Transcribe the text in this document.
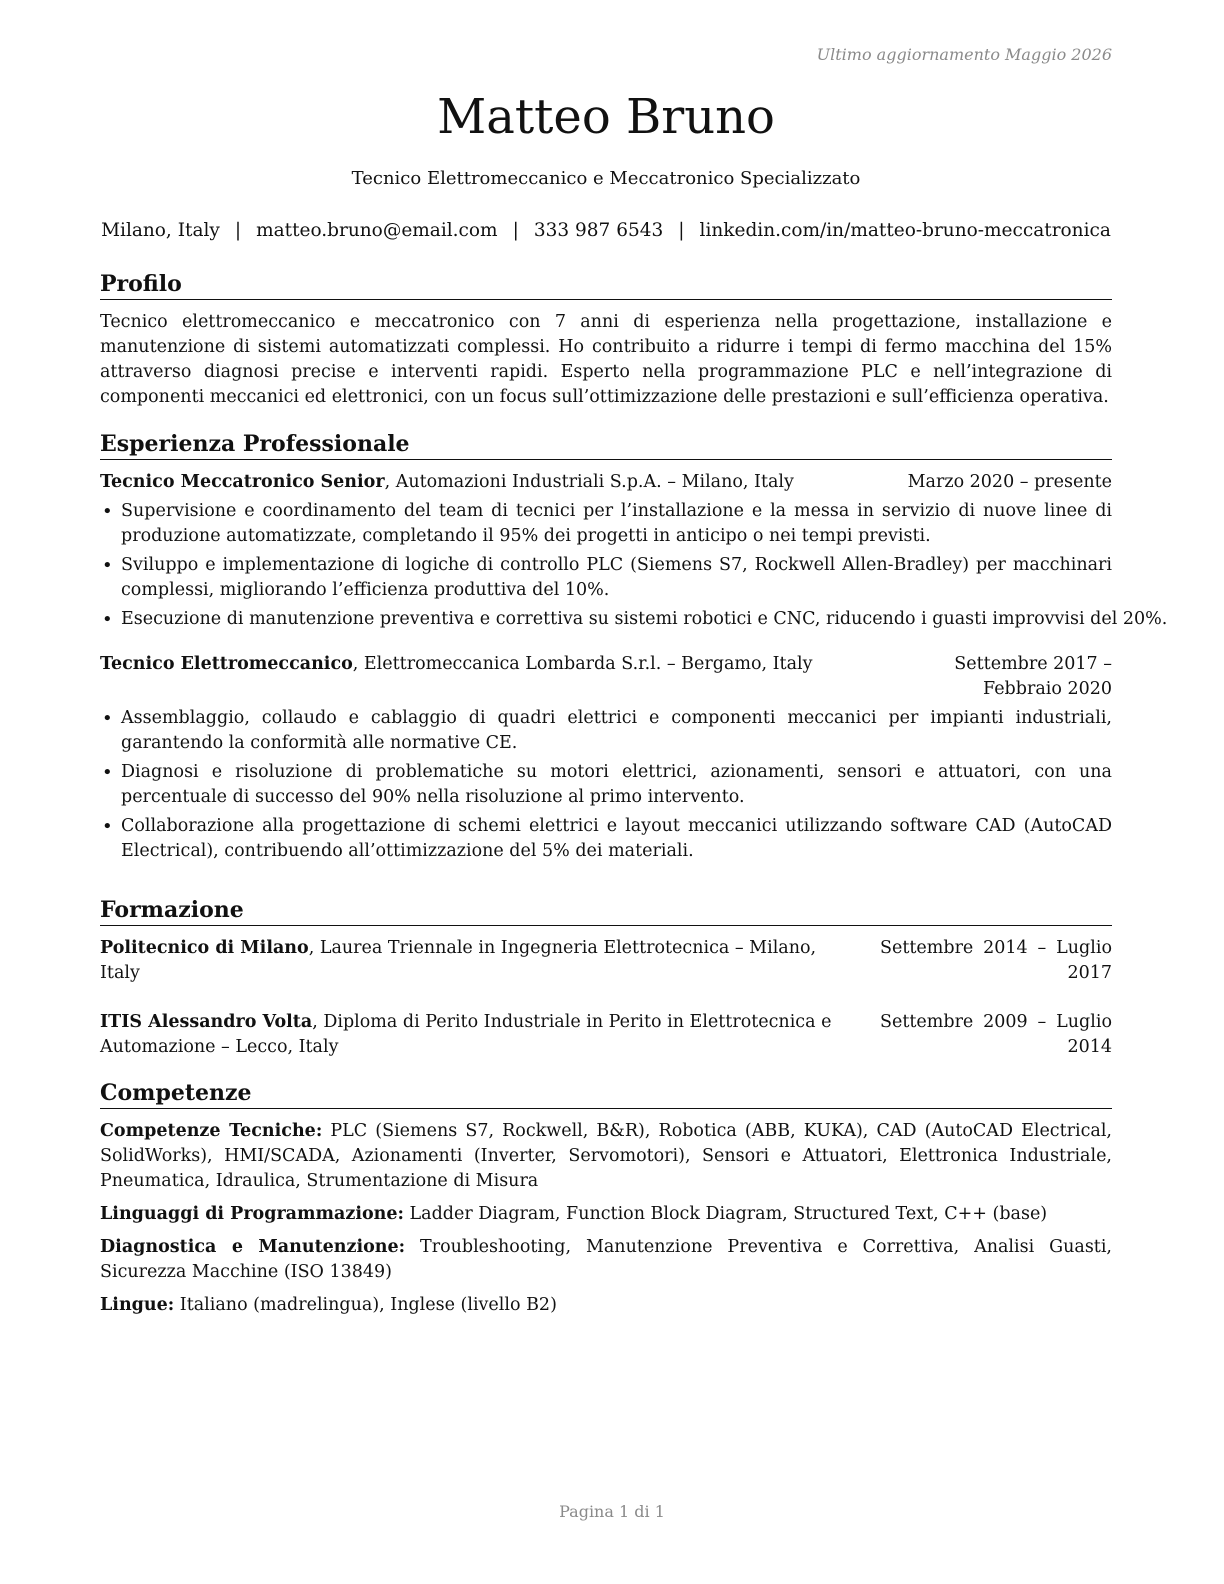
Ultimo aggiornamento Maggio 2026
Matteo Bruno
Tecnico Elettromeccanico e Meccatronico Specializzato
Milano, Italy | matteo.bruno@email.com | 333 987 6543 | linkedin.com/in/matteo-bruno-meccatronica
Profilo

Tecnico elettromeccanico e meccatronico con 7 anni di esperienza nella progettazione, installazione e manutenzione di sistemi automatizzati complessi. Ho contribuito a ridurre i tempi di fermo macchina del 15% attraverso diagnosi precise e interventi rapidi. Esperto nella programmazione PLC e nell’integrazione di componenti meccanici ed elettronici, con un focus sull’ottimizzazione delle prestazioni e sull’efficienza operativa.

Esperienza Professionale
Tecnico Meccatronico Senior, Automazioni Industriali S.p.A. – Milano, Italy	Marzo 2020 – presente
• Supervisione e coordinamento del team di tecnici per l’installazione e la messa in servizio di nuove linee di produzione automatizzate, completando il 95% dei progetti in anticipo o nei tempi previsti.
• Sviluppo e implementazione di logiche di controllo PLC (Siemens S7, Rockwell Allen-Bradley) per macchinari complessi, migliorando l’efficienza produttiva del 10%.
• Esecuzione di manutenzione preventiva e correttiva su sistemi robotici e CNC, riducendo i guasti improvvisi del 20%.
Tecnico Elettromeccanico, Elettromeccanica Lombarda S.r.l. – Bergamo, Italy	Settembre 2017 – Febbraio 2020
• Assemblaggio, collaudo e cablaggio di quadri elettrici e componenti meccanici per impianti industriali, garantendo la conformità alle normative CE.
• Diagnosi e risoluzione di problematiche su motori elettrici, azionamenti, sensori e attuatori, con una percentuale di successo del 90% nella risoluzione al primo intervento.
• Collaborazione alla progettazione di schemi elettrici e layout meccanici utilizzando software CAD (AutoCAD Electrical), contribuendo all’ottimizzazione del 5% dei materiali.
Formazione
Politecnico di Milano, Laurea Triennale in Ingegneria Elettrotecnica – Milano, Italy
Settembre 2014 – Luglio 2017
ITIS Alessandro Volta, Diploma di Perito Industriale in Perito in Elettrotecnica e Automazione – Lecco, Italy
Settembre 2009 – Luglio 2014
Competenze

Competenze Tecniche: PLC (Siemens S7, Rockwell, B&R), Robotica (ABB, KUKA), CAD (AutoCAD Electrical, SolidWorks), HMI/SCADA, Azionamenti (Inverter, Servomotori), Sensori e Attuatori, Elettronica Industriale, Pneumatica, Idraulica, Strumentazione di Misura

Linguaggi di Programmazione: Ladder Diagram, Function Block Diagram, Structured Text, C++ (base)

Diagnostica e Manutenzione: Troubleshooting, Manutenzione Preventiva e Correttiva, Analisi Guasti, Sicurezza Macchine (ISO 13849)

Lingue: Italiano (madrelingua), Inglese (livello B2)

Pagina 1 di 1
